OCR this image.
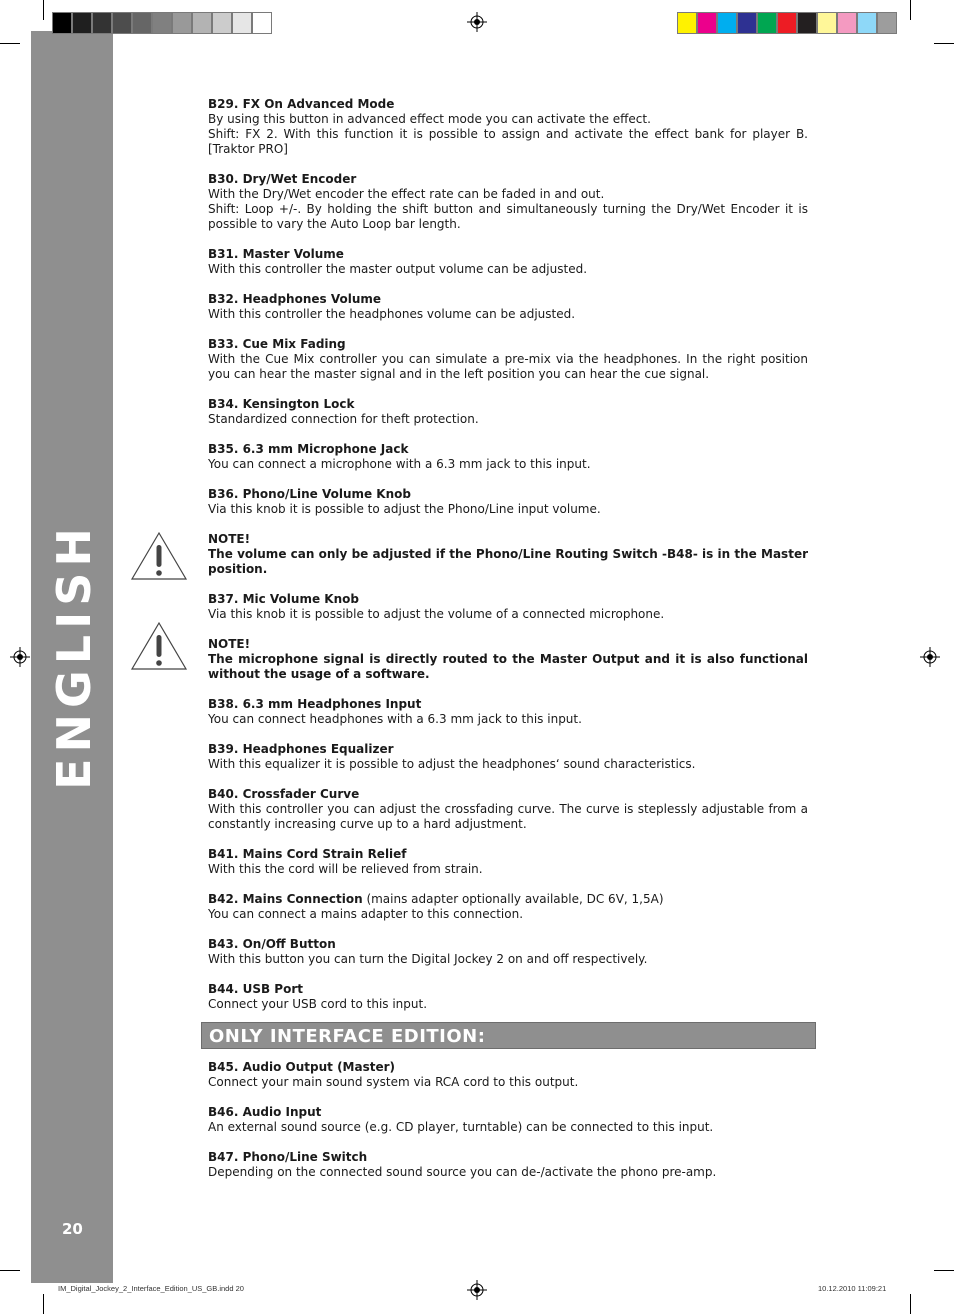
ENGLISH
20
B29. FX On Advanced Mode
By using this button in advanced effect mode you can activate the effect.
Shift: FX 2. With this function it is possible to assign and activate the effect bank for player B. [Traktor PRO]
B30. Dry/Wet Encoder
With the Dry/Wet encoder the effect rate can be faded in and out.
Shift: Loop +/-. By holding the shift button and simultaneously turning the Dry/Wet Encoder it is possible to vary the Auto Loop bar length.
B31. Master Volume
With this controller the master output volume can be adjusted.
B32. Headphones Volume
With this controller the headphones volume can be adjusted.
B33. Cue Mix Fading
With the Cue Mix controller you can simulate a pre-mix via the headphones. In the right position you can hear the master signal and in the left position you can hear the cue signal.
B34. Kensington Lock
Standardized connection for theft protection.
B35. 6.3 mm Microphone Jack
You can connect a microphone with a 6.3 mm jack to this input.
B36. Phono/Line Volume Knob
Via this knob it is possible to adjust the Phono/Line input volume.
NOTE!
The volume can only be adjusted if the Phono/Line Routing Switch -B48- is in the Master position.
B37. Mic Volume Knob
Via this knob it is possible to adjust the volume of a connected microphone.
NOTE!
The microphone signal is directly routed to the Master Output and it is also functional without the usage of a software.
B38. 6.3 mm Headphones Input
You can connect headphones with a 6.3 mm jack to this input.
B39. Headphones Equalizer
With this equalizer it is possible to adjust the headphones‘ sound characteristics.
B40. Crossfader Curve
With this controller you can adjust the crossfading curve. The curve is steplessly adjustable from a constantly increasing curve up to a hard adjustment.
B41. Mains Cord Strain Relief
With this the cord will be relieved from strain.
B42. Mains Connection (mains adapter optionally available, DC 6V, 1,5A)
You can connect a mains adapter to this connection.
B43. On/Off Button
With this button you can turn the Digital Jockey 2 on and off respectively.
B44. USB Port
Connect your USB cord to this input.
ONLY INTERFACE EDITION:
B45. Audio Output (Master)
Connect your main sound system via RCA cord to this output.
B46. Audio Input
An external sound source (e.g. CD player, turntable) can be connected to this input.
B47. Phono/Line Switch
Depending on the connected sound source you can de-/activate the phono pre-amp.
IM_Digital_Jockey_2_Interface_Edition_US_GB.indd 20	10.12.2010 11:09:21
